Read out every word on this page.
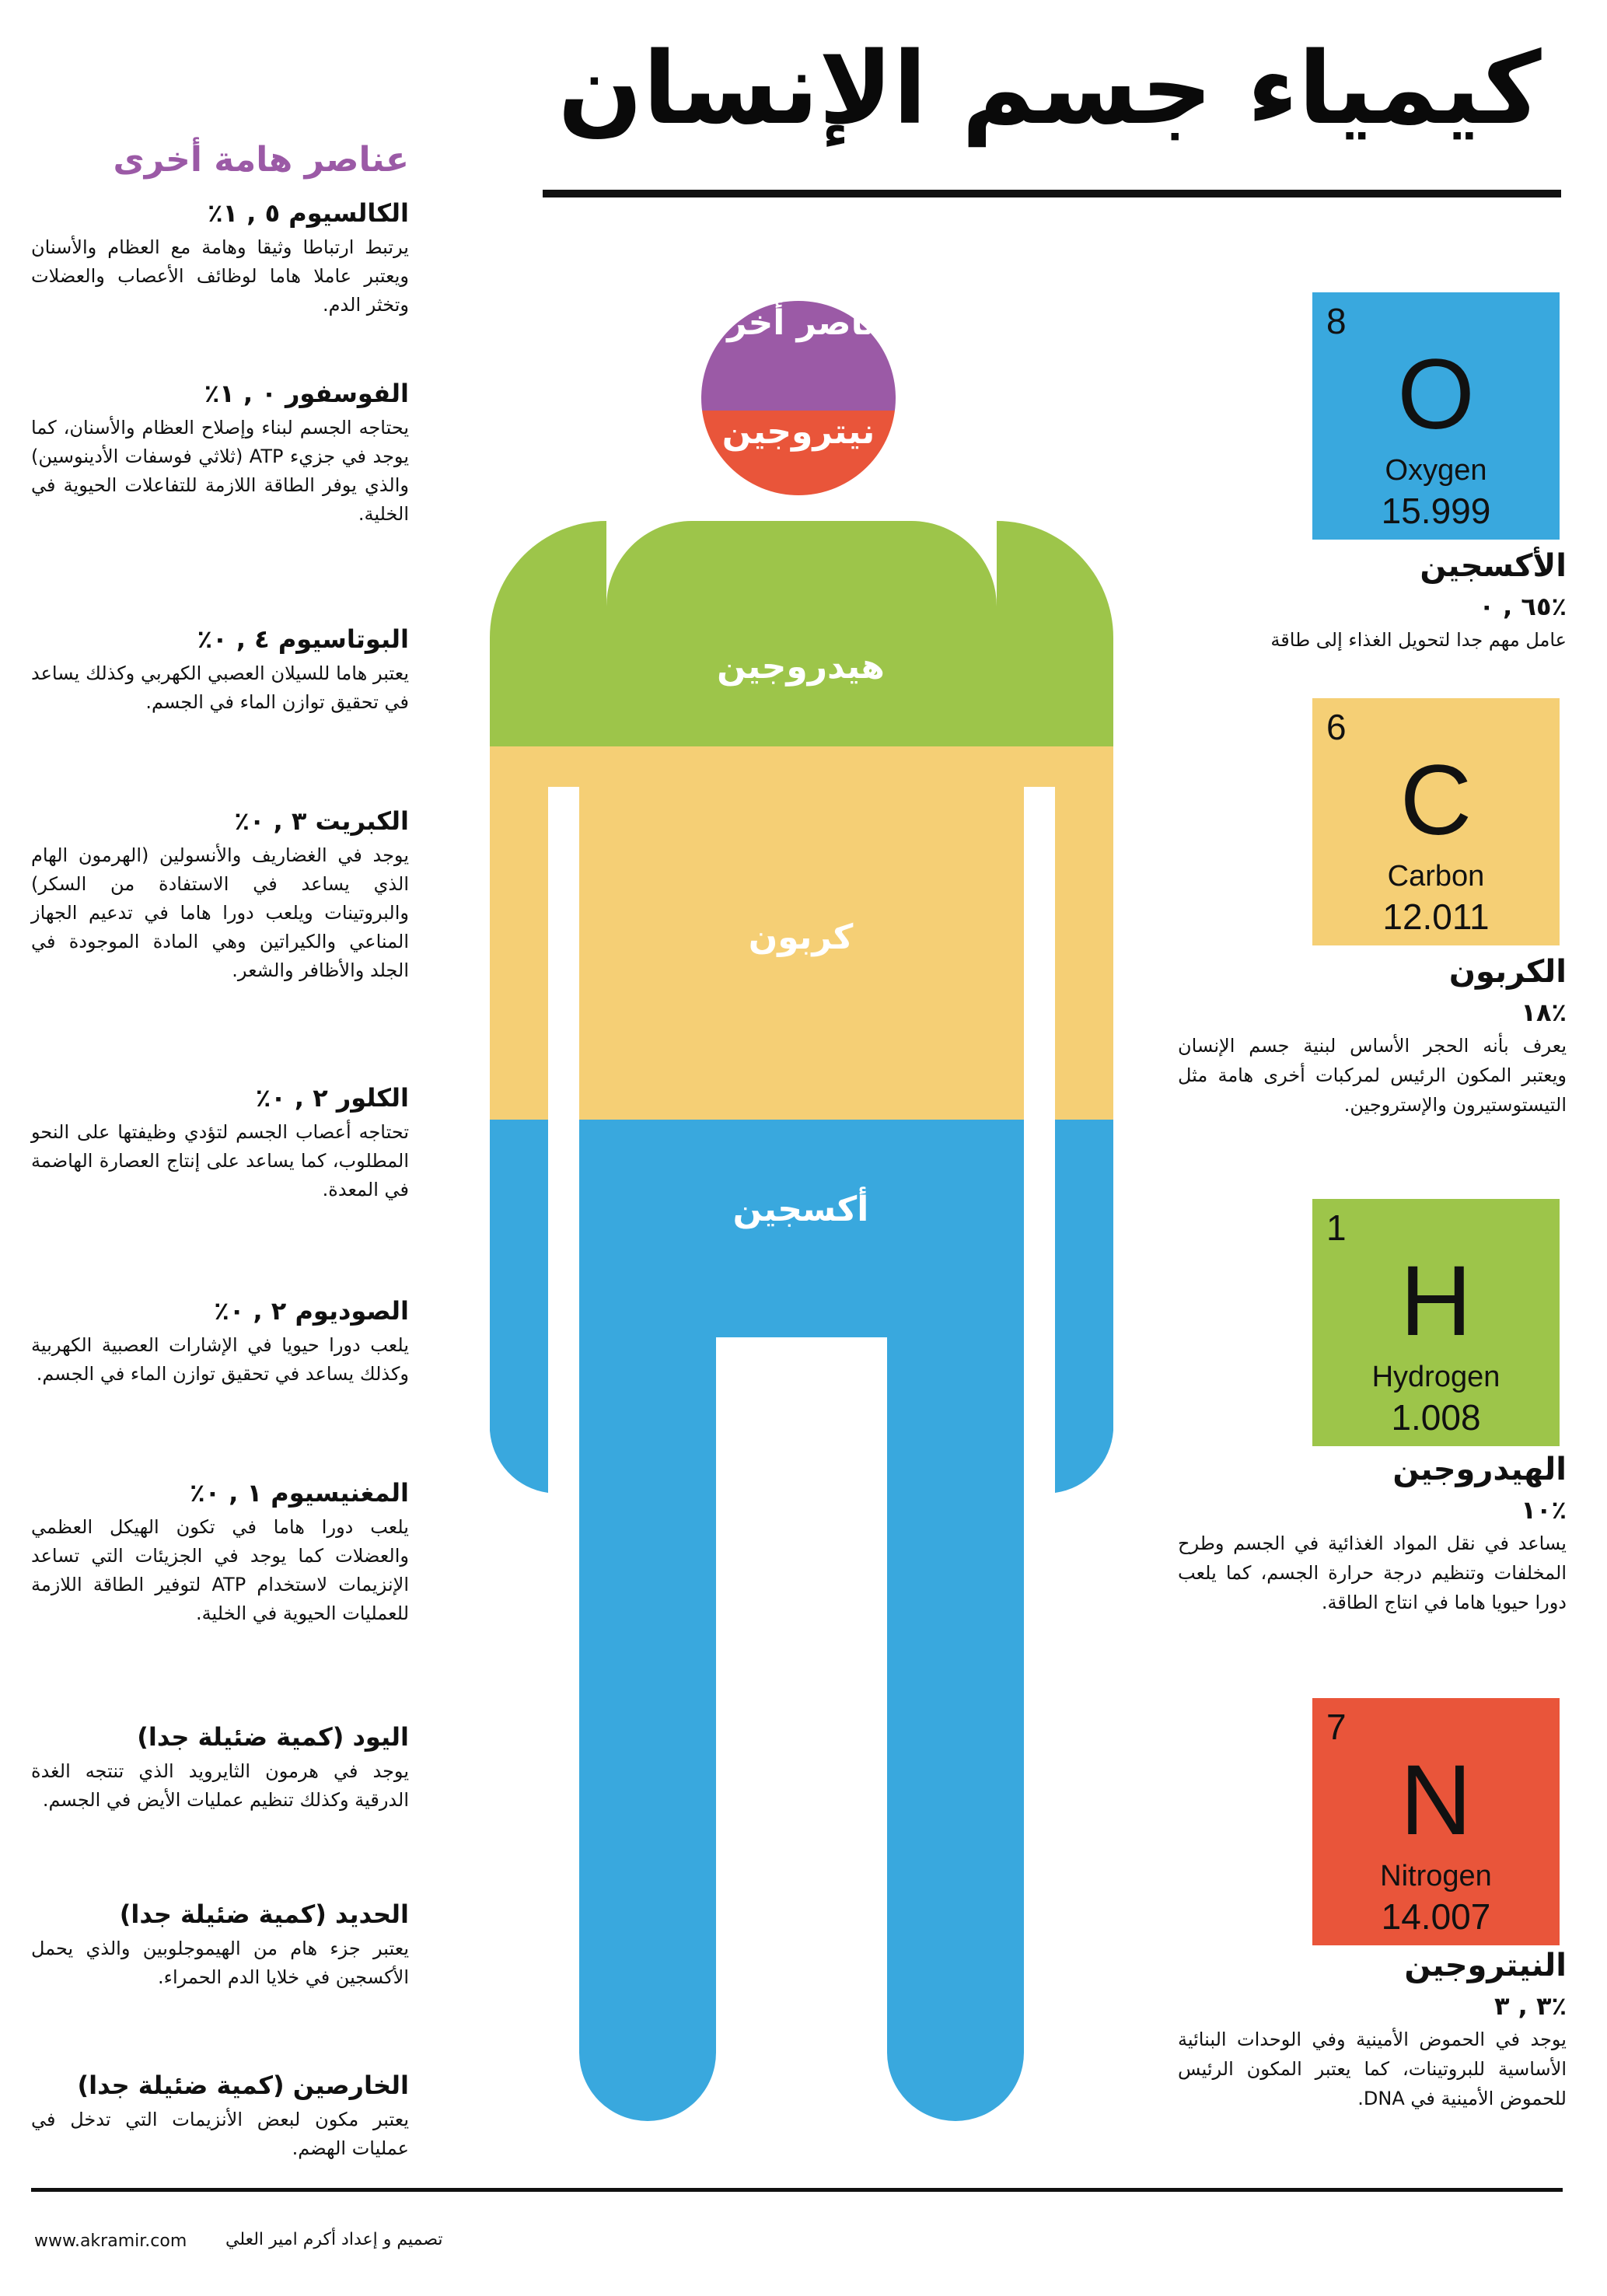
كيمياء جسم الإنسان
عناصر هامة أخرى

الكالسيوم ٥ , ١٪

يرتبط ارتباطا وثيقا وهامة مع العظام والأسنان ويعتبر عاملا هاما لوظائف الأعصاب والعضلات وتخثر الدم.

الفوسفور ٠ , ١٪

يحتاجه الجسم لبناء وإصلاح العظام والأسنان، كما يوجد في جزيء ATP (ثلاثي فوسفات الأدينوسين) والذي يوفر الطاقة اللازمة للتفاعلات الحيوية في الخلية.

البوتاسيوم ٤ , ٠٪

يعتبر هاما للسيلان العصبي الكهربي وكذلك يساعد في تحقيق توازن الماء في الجسم.

الكبريت ٣ , ٠٪

يوجد في الغضاريف والأنسولين (الهرمون الهام الذي يساعد في الاستفادة من السكر) والبروتينات ويلعب دورا هاما في تدعيم الجهاز المناعي والكيراتين وهي المادة الموجودة في الجلد والأظافر والشعر.

الكلور ٢ , ٠٪

تحتاجه أعصاب الجسم لتؤدي وظيفتها على النحو المطلوب، كما يساعد على إنتاج العصارة الهاضمة في المعدة.

الصوديوم ٢ , ٠٪

يلعب دورا حيويا في الإشارات العصبية الكهربية وكذلك يساعد في تحقيق توازن الماء في الجسم.

المغنيسيوم ١ , ٠٪

يلعب دورا هاما في تكون الهيكل العظمي والعضلات كما يوجد في الجزيئات التي تساعد الإنزيمات لاستخدام ATP لتوفير الطاقة اللازمة للعمليات الحيوية في الخلية.

اليود (كمية ضئيلة جدا)

يوجد في هرمون الثايرويد الذي تنتجه الغدة الدرقية وكذلك تنظيم عمليات الأيض في الجسم.

الحديد (كمية ضئيلة جدا)

يعتبر جزء هام من الهيموجلوبين والذي يحمل الأكسجين في خلايا الدم الحمراء.

الخارصين (كمية ضئيلة جدا)

يعتبر مكون لبعض الأنزيمات التي تدخل في عمليات الهضم.

عناصر أخرى
نيتروجين
هيدروجين
كربون
أكسجين
8
O
Oxygen
15.999

الأكسجين

٪٦٥ , ٠

عامل مهم جدا لتحويل الغذاء إلى طاقة

6
C
Carbon
12.011

الكربون

٪١٨

يعرف بأنه الحجر الأساس لبنية جسم الإنسان ويعتبر المكون الرئيس لمركبات أخرى هامة مثل التيستوستيرون والإستروجين.

1
H
Hydrogen
1.008

الهيدروجين

٪١٠

يساعد في نقل المواد الغذائية في الجسم وطرح المخلفات وتنظيم درجة حرارة الجسم، كما يلعب دورا حيويا هاما في انتاج الطاقة.

7
N
Nitrogen
14.007

النيتروجين

٪٣ , ٣

يوجد في الحموض الأمينية وفي الوحدات البنائية الأساسية للبروتينات، كما يعتبر المكون الرئيس للحموض الأمينية في DNA.

www.akramir.com تصميم و إعداد أكرم امير العلي
